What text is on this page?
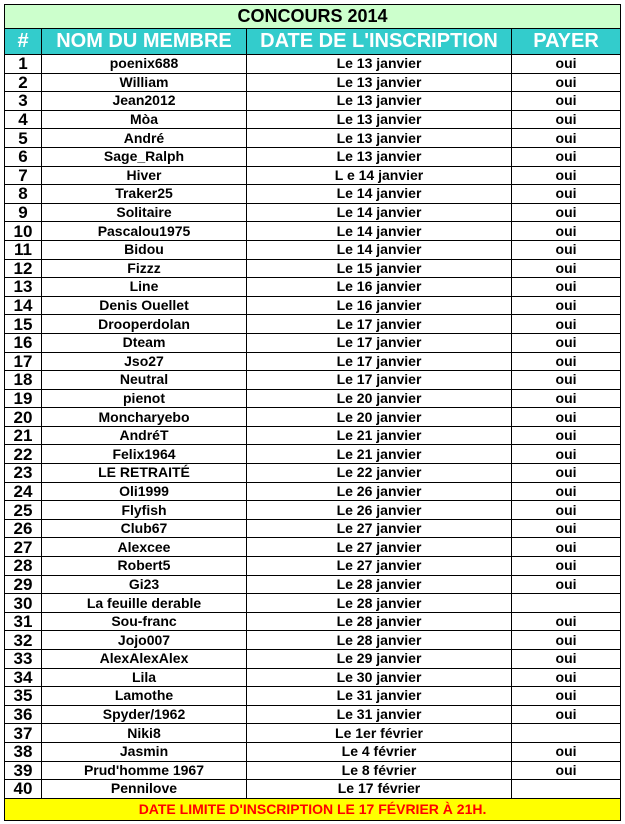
CONCOURS 2014			
#	NOM DU MEMBRE	DATE DE L'INSCRIPTION	PAYER
1	poenix688	Le 13 janvier	oui
2	William	Le 13 janvier	oui
3	Jean2012	Le 13 janvier	oui
4	Mòa	Le 13 janvier	oui
5	André	Le 13 janvier	oui
6	Sage_Ralph	Le 13 janvier	oui
7	Hiver	L e 14 janvier	oui
8	Traker25	Le 14 janvier	oui
9	Solitaire	Le 14 janvier	oui
10	Pascalou1975	Le 14 janvier	oui
11	Bidou	Le 14 janvier	oui
12	Fizzz	Le 15 janvier	oui
13	Line	Le 16 janvier	oui
14	Denis Ouellet	Le 16 janvier	oui
15	Drooperdolan	Le 17 janvier	oui
16	Dteam	Le 17 janvier	oui
17	Jso27	Le 17 janvier	oui
18	Neutral	Le 17 janvier	oui
19	pienot	Le 20 janvier	oui
20	Moncharyebo	Le 20 janvier	oui
21	AndréT	Le 21 janvier	oui
22	Felix1964	Le 21 janvier	oui
23	LE RETRAITÉ	Le 22 janvier	oui
24	Oli1999	Le 26 janvier	oui
25	Flyfish	Le 26 janvier	oui
26	Club67	Le 27 janvier	oui
27	Alexcee	Le 27 janvier	oui
28	Robert5	Le 27 janvier	oui
29	Gi23	Le 28 janvier	oui
30	La feuille derable	Le 28 janvier	
31	Sou-franc	Le 28 janvier	oui
32	Jojo007	Le 28 janvier	oui
33	AlexAlexAlex	Le 29 janvier	oui
34	Lila	Le 30 janvier	oui
35	Lamothe	Le 31 janvier	oui
36	Spyder/1962	Le 31 janvier	oui
37	Niki8	Le 1er février	
38	Jasmin	Le 4 février	oui
39	Prud'homme 1967	Le 8 février	oui
40	Pennilove	Le 17 février	
DATE LIMITE D'INSCRIPTION LE 17 FÉVRIER À 21H.			
